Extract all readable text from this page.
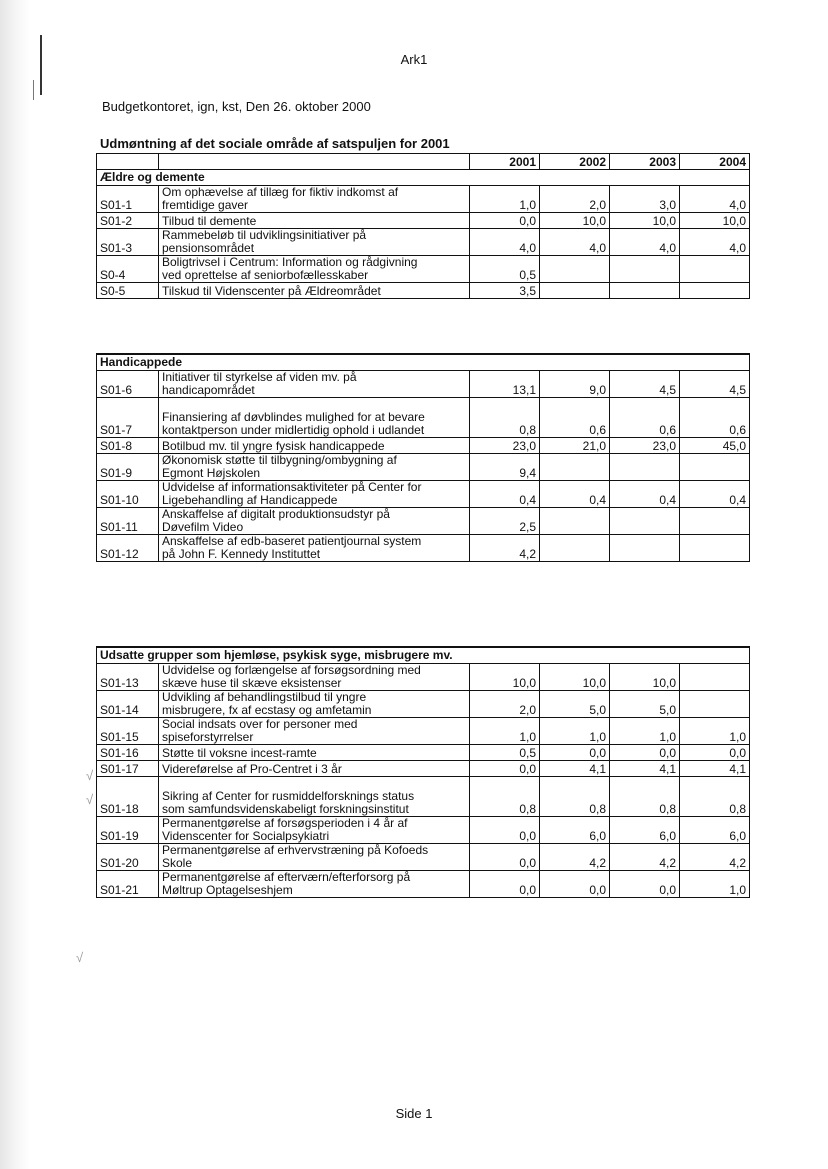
Ark1
Budgetkontoret, ign, kst, Den 26. oktober 2000
Udmøntning af det sociale område af satspuljen for 2001
		2001	2002	2003	2004
Ældre og demente					
S01-1	Om ophævelse af tillæg for fiktiv indkomst af
fremtidige gaver	1,0	2,0	3,0	4,0
S01-2	Tilbud til demente	0,0	10,0	10,0	10,0
S01-3	Rammebeløb til udviklingsinitiativer på
pensionsområdet	4,0	4,0	4,0	4,0
S0-4	Boligtrivsel i Centrum: Information og rådgivning
ved oprettelse af seniorbofællesskaber	0,5			
S0-5	Tilskud til Videnscenter på Ældreområdet	3,5			
Handicappede					
S01-6	Initiativer til styrkelse af viden mv. på
handicapområdet	13,1	9,0	4,5	4,5
S01-7	Finansiering af døvblindes mulighed for at bevare
kontaktperson under midlertidig ophold i udlandet	0,8	0,6	0,6	0,6
S01-8	Botilbud mv. til yngre fysisk handicappede	23,0	21,0	23,0	45,0
S01-9	Økonomisk støtte til tilbygning/ombygning af
Egmont Højskolen	9,4			
S01-10	Udvidelse af informationsaktiviteter på Center for
Ligebehandling af Handicappede	0,4	0,4	0,4	0,4
S01-11	Anskaffelse af digitalt produktionsudstyr på
Døvefilm Video	2,5			
S01-12	Anskaffelse af edb-baseret patientjournal system
på John F. Kennedy Instituttet	4,2			
Udsatte grupper som hjemløse, psykisk syge, misbrugere mv.					
S01-13	Udvidelse og forlængelse af forsøgsordning med
skæve huse til skæve eksistenser	10,0	10,0	10,0	
S01-14	Udvikling af behandlingstilbud til yngre
misbrugere, fx af ecstasy og amfetamin	2,0	5,0	5,0	
S01-15	Social indsats over for personer med
spiseforstyrrelser	1,0	1,0	1,0	1,0
S01-16	Støtte til voksne incest-ramte	0,5	0,0	0,0	0,0
S01-17	Videreførelse af Pro-Centret i 3 år	0,0	4,1	4,1	4,1
S01-18	Sikring af Center for rusmiddelforsknings status
som samfundsvidenskabeligt forskningsinstitut	0,8	0,8	0,8	0,8
S01-19	Permanentgørelse af forsøgsperioden i 4 år af
Videnscenter for Socialpsykiatri	0,0	6,0	6,0	6,0
S01-20	Permanentgørelse af erhvervstræning på Kofoeds
Skole	0,0	4,2	4,2	4,2
S01-21	Permanentgørelse af efterværn/efterforsorg på
Møltrup Optagelseshjem	0,0	0,0	0,0	1,0
√
√
√
Side 1
